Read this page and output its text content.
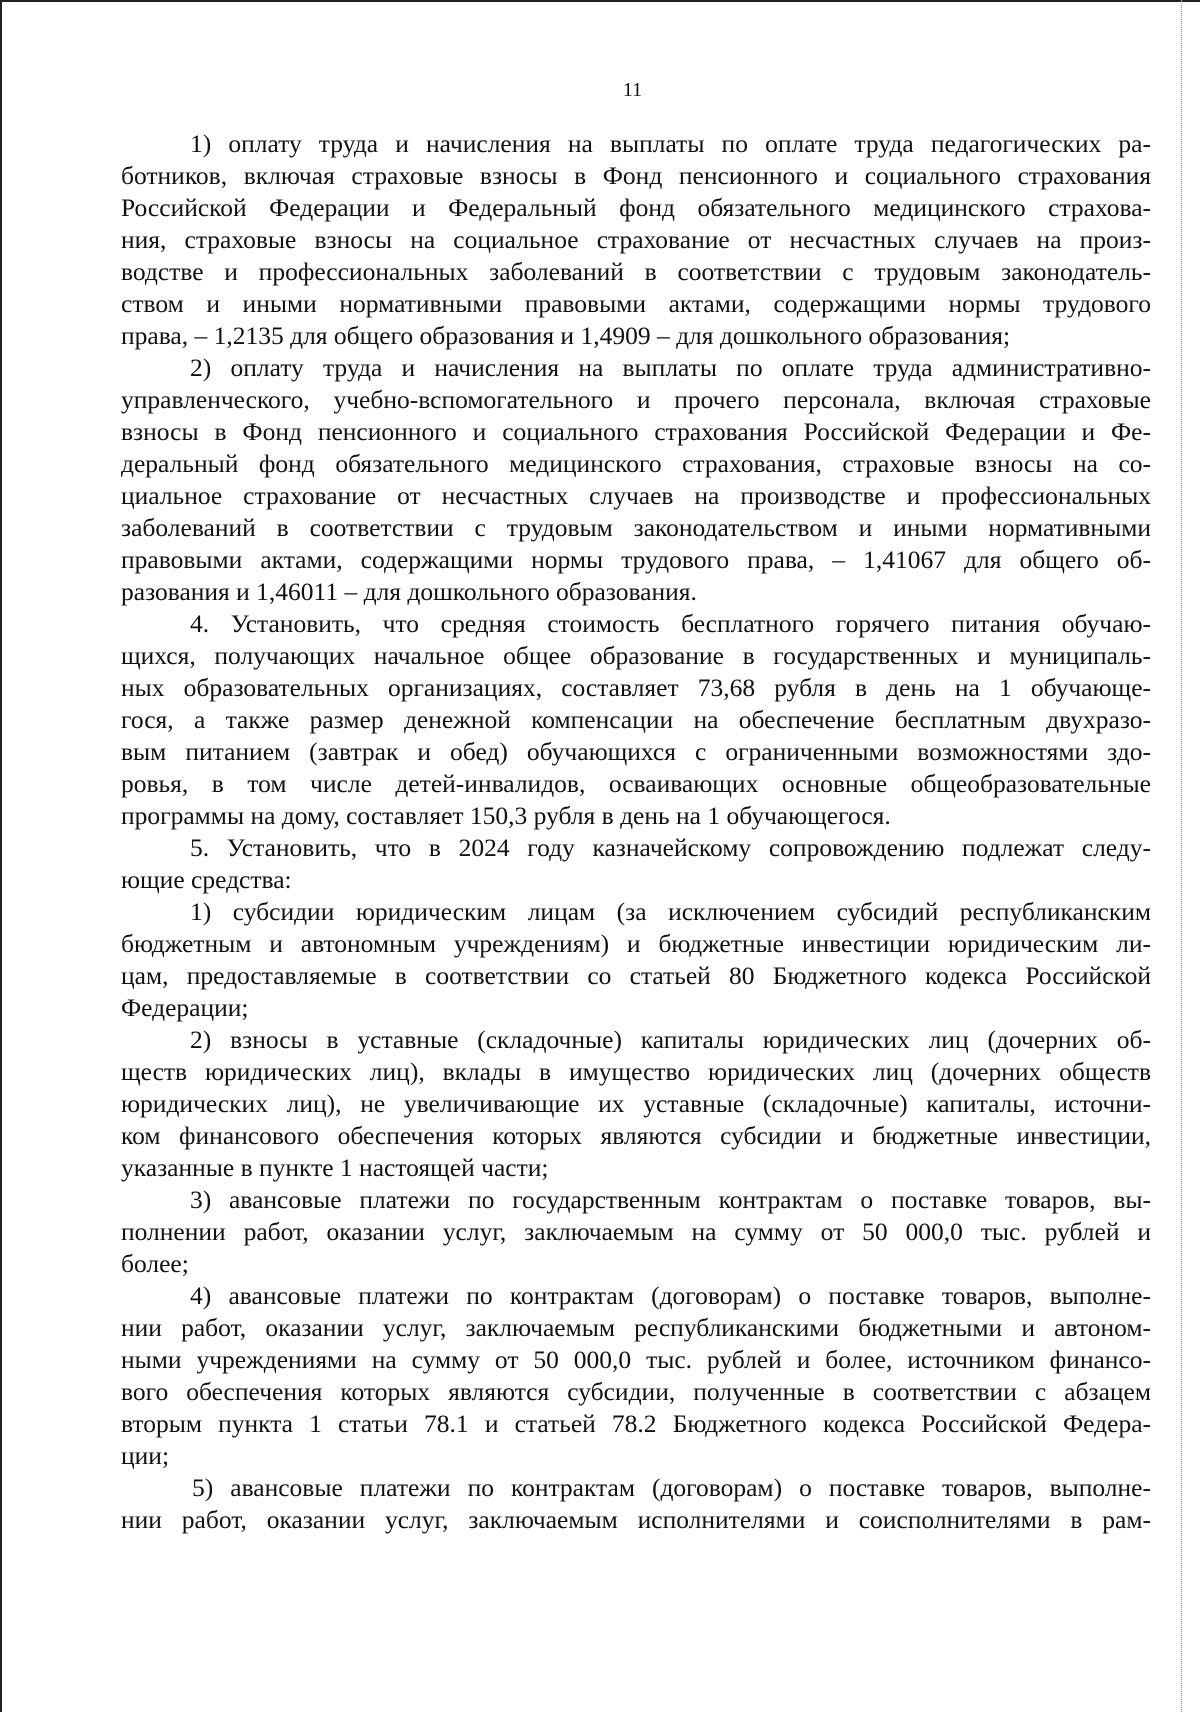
11
1) оплату труда и начисления на выплаты по оплате труда педагогических ра-
ботников, включая страховые взносы в Фонд пенсионного и социального страхования
Российской Федерации и Федеральный фонд обязательного медицинского страхова-
ния, страховые взносы на социальное страхование от несчастных случаев на произ-
водстве и профессиональных заболеваний в соответствии с трудовым законодатель-
ством и иными нормативными правовыми актами, содержащими нормы трудового
права, – 1,2135 для общего образования и 1,4909 – для дошкольного образования;
2) оплату труда и начисления на выплаты по оплате труда административно-
управленческого, учебно-вспомогательного и прочего персонала, включая страховые
взносы в Фонд пенсионного и социального страхования Российской Федерации и Фе-
деральный фонд обязательного медицинского страхования, страховые взносы на со-
циальное страхование от несчастных случаев на производстве и профессиональных
заболеваний в соответствии с трудовым законодательством и иными нормативными
правовыми актами, содержащими нормы трудового права, – 1,41067 для общего об-
разования и 1,46011 – для дошкольного образования.
4. Установить, что средняя стоимость бесплатного горячего питания обучаю-
щихся, получающих начальное общее образование в государственных и муниципаль-
ных образовательных организациях, составляет 73,68 рубля в день на 1 обучающе-
гося, а также размер денежной компенсации на обеспечение бесплатным двухразо-
вым питанием (завтрак и обед) обучающихся с ограниченными возможностями здо-
ровья, в том числе детей-инвалидов, осваивающих основные общеобразовательные
программы на дому, составляет 150,3 рубля в день на 1 обучающегося.
5. Установить, что в 2024 году казначейскому сопровождению подлежат следу-
ющие средства:
1) субсидии юридическим лицам (за исключением субсидий республиканским
бюджетным и автономным учреждениям) и бюджетные инвестиции юридическим ли-
цам, предоставляемые в соответствии со статьей 80 Бюджетного кодекса Российской
Федерации;
2) взносы в уставные (складочные) капиталы юридических лиц (дочерних об-
ществ юридических лиц), вклады в имущество юридических лиц (дочерних обществ
юридических лиц), не увеличивающие их уставные (складочные) капиталы, источни-
ком финансового обеспечения которых являются субсидии и бюджетные инвестиции,
указанные в пункте 1 настоящей части;
3) авансовые платежи по государственным контрактам о поставке товаров, вы-
полнении работ, оказании услуг, заключаемым на сумму от 50 000,0 тыс. рублей и
более;
4) авансовые платежи по контрактам (договорам) о поставке товаров, выполне-
нии работ, оказании услуг, заключаемым республиканскими бюджетными и автоном-
ными учреждениями на сумму от 50 000,0 тыс. рублей и более, источником финансо-
вого обеспечения которых являются субсидии, полученные в соответствии с абзацем
вторым пункта 1 статьи 78.1 и статьей 78.2 Бюджетного кодекса Российской Федера-
ции;
5) авансовые платежи по контрактам (договорам) о поставке товаров, выполне-
нии работ, оказании услуг, заключаемым исполнителями и соисполнителями в рам-
